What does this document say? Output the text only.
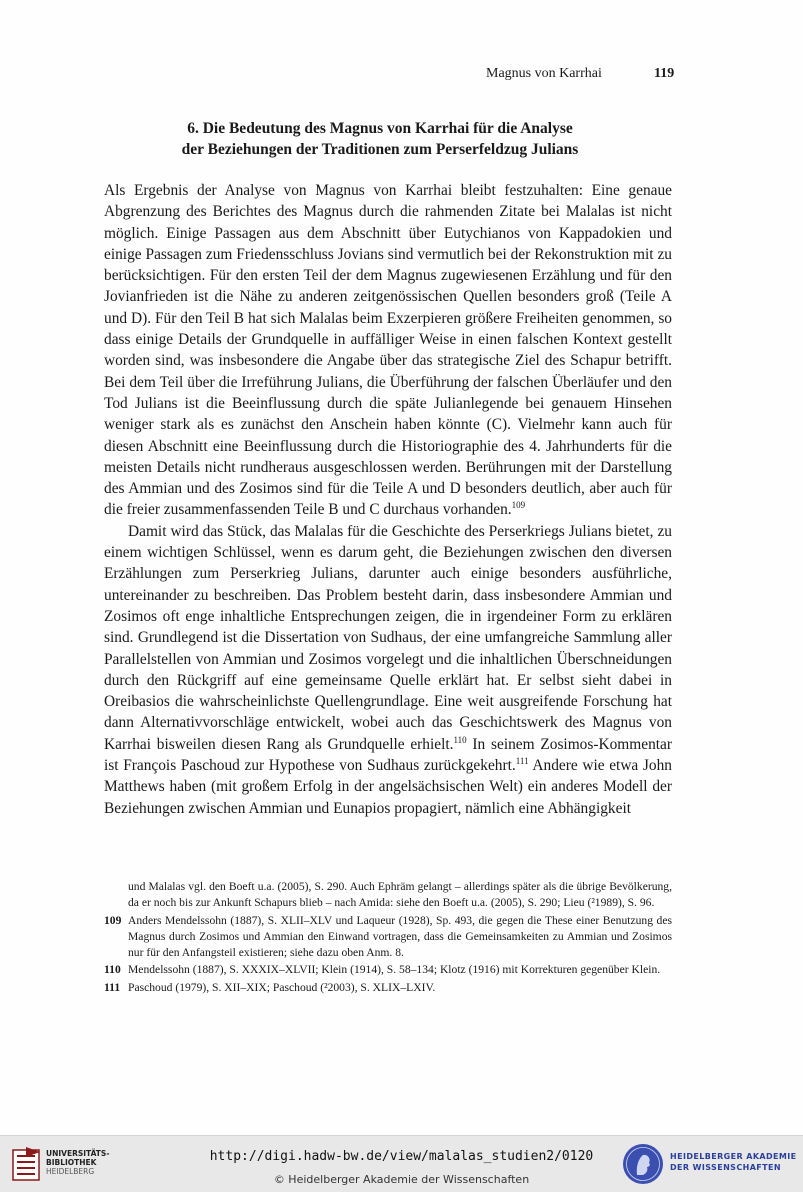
Magnus von Karrhai	119
6. Die Bedeutung des Magnus von Karrhai für die Analyse
der Beziehungen der Traditionen zum Perserfeldzug Julians

Als Ergebnis der Analyse von Magnus von Karrhai bleibt festzuhalten: Eine genaue Abgrenzung des Berichtes des Magnus durch die rahmenden Zitate bei Malalas ist nicht möglich. Einige Passagen aus dem Abschnitt über Eutychianos von Kappadokien und einige Passagen zum Friedensschluss Jovians sind vermutlich bei der Rekonstruktion mit zu berücksichtigen. Für den ersten Teil der dem Magnus zugewiesenen Erzählung und für den Jovianfrieden ist die Nähe zu anderen zeitgenössischen Quellen besonders groß (Teile A und D). Für den Teil B hat sich Malalas beim Exzerpieren größere Freiheiten genommen, so dass einige Details der Grundquelle in auffälliger Weise in einen falschen Kontext gestellt worden sind, was insbesondere die Angabe über das strategische Ziel des Schapur betrifft. Bei dem Teil über die Irreführung Julians, die Überführung der falschen Überläufer und den Tod Julians ist die Beeinflussung durch die späte Julianlegende bei genauem Hinsehen weniger stark als es zunächst den Anschein haben könnte (C). Vielmehr kann auch für diesen Abschnitt eine Beeinflussung durch die Historiographie des 4. Jahrhunderts für die meisten Details nicht rundheraus ausgeschlossen werden. Berührungen mit der Darstellung des Ammian und des Zosimos sind für die Teile A und D besonders deutlich, aber auch für die freier zusammenfassenden Teile B und C durchaus vorhanden.$^{109}$

Damit wird das Stück, das Malalas für die Geschichte des Perserkriegs Julians bietet, zu einem wichtigen Schlüssel, wenn es darum geht, die Beziehungen zwischen den diversen Erzählungen zum Perserkrieg Julians, darunter auch einige besonders ausführliche, untereinander zu beschreiben. Das Problem besteht darin, dass insbesondere Ammian und Zosimos oft enge inhaltliche Entsprechungen zeigen, die in irgendeiner Form zu erklären sind. Grundlegend ist die Dissertation von Sudhaus, der eine umfangreiche Sammlung aller Parallelstellen von Ammian und Zosimos vorgelegt und die inhaltlichen Überschneidungen durch den Rückgriff auf eine gemeinsame Quelle erklärt hat. Er selbst sieht dabei in Oreibasios die wahrscheinlichste Quellengrundlage. Eine weit ausgreifende Forschung hat dann Alternativvorschläge entwickelt, wobei auch das Geschichtswerk des Magnus von Karrhai bisweilen diesen Rang als Grundquelle erhielt.$^{110}$ In seinem Zosimos-Kommentar ist François Paschoud zur Hypothese von Sudhaus zurückgekehrt.$^{111}$ Andere wie etwa John Matthews haben (mit großem Erfolg in der angelsächsischen Welt) ein anderes Modell der Beziehungen zwischen Ammian und Eunapios propagiert, nämlich eine Abhängigkeit

und Malalas vgl. den Boeft u.a. (2005), S. 290. Auch Ephräm gelangt – allerdings später als die übrige Bevölkerung, da er noch bis zur Ankunft Schapurs blieb – nach Amida: siehe den Boeft u.a. (2005), S. 290; Lieu (²1989), S. 96.
109 Anders Mendelssohn (1887), S. XLII–XLV und Laqueur (1928), Sp. 493, die gegen die These einer Benutzung des Magnus durch Zosimos und Ammian den Einwand vortragen, dass die Gemeinsamkeiten zu Ammian und Zosimos nur für den Anfangsteil existieren; siehe dazu oben Anm. 8.
110 Mendelssohn (1887), S. XXXIX–XLVII; Klein (1914), S. 58–134; Klotz (1916) mit Korrekturen gegenüber Klein.
111 Paschoud (1979), S. XII–XIX; Paschoud (²2003), S. XLIX–LXIV.
UNIVERSITÄTS-
BIBLIOTHEK
HEIDELBERG
http://digi.hadw-bw.de/view/malalas_studien2/0120
© Heidelberger Akademie der Wissenschaften
HEIDELBERGER AKADEMIE
DER WISSENSCHAFTEN
